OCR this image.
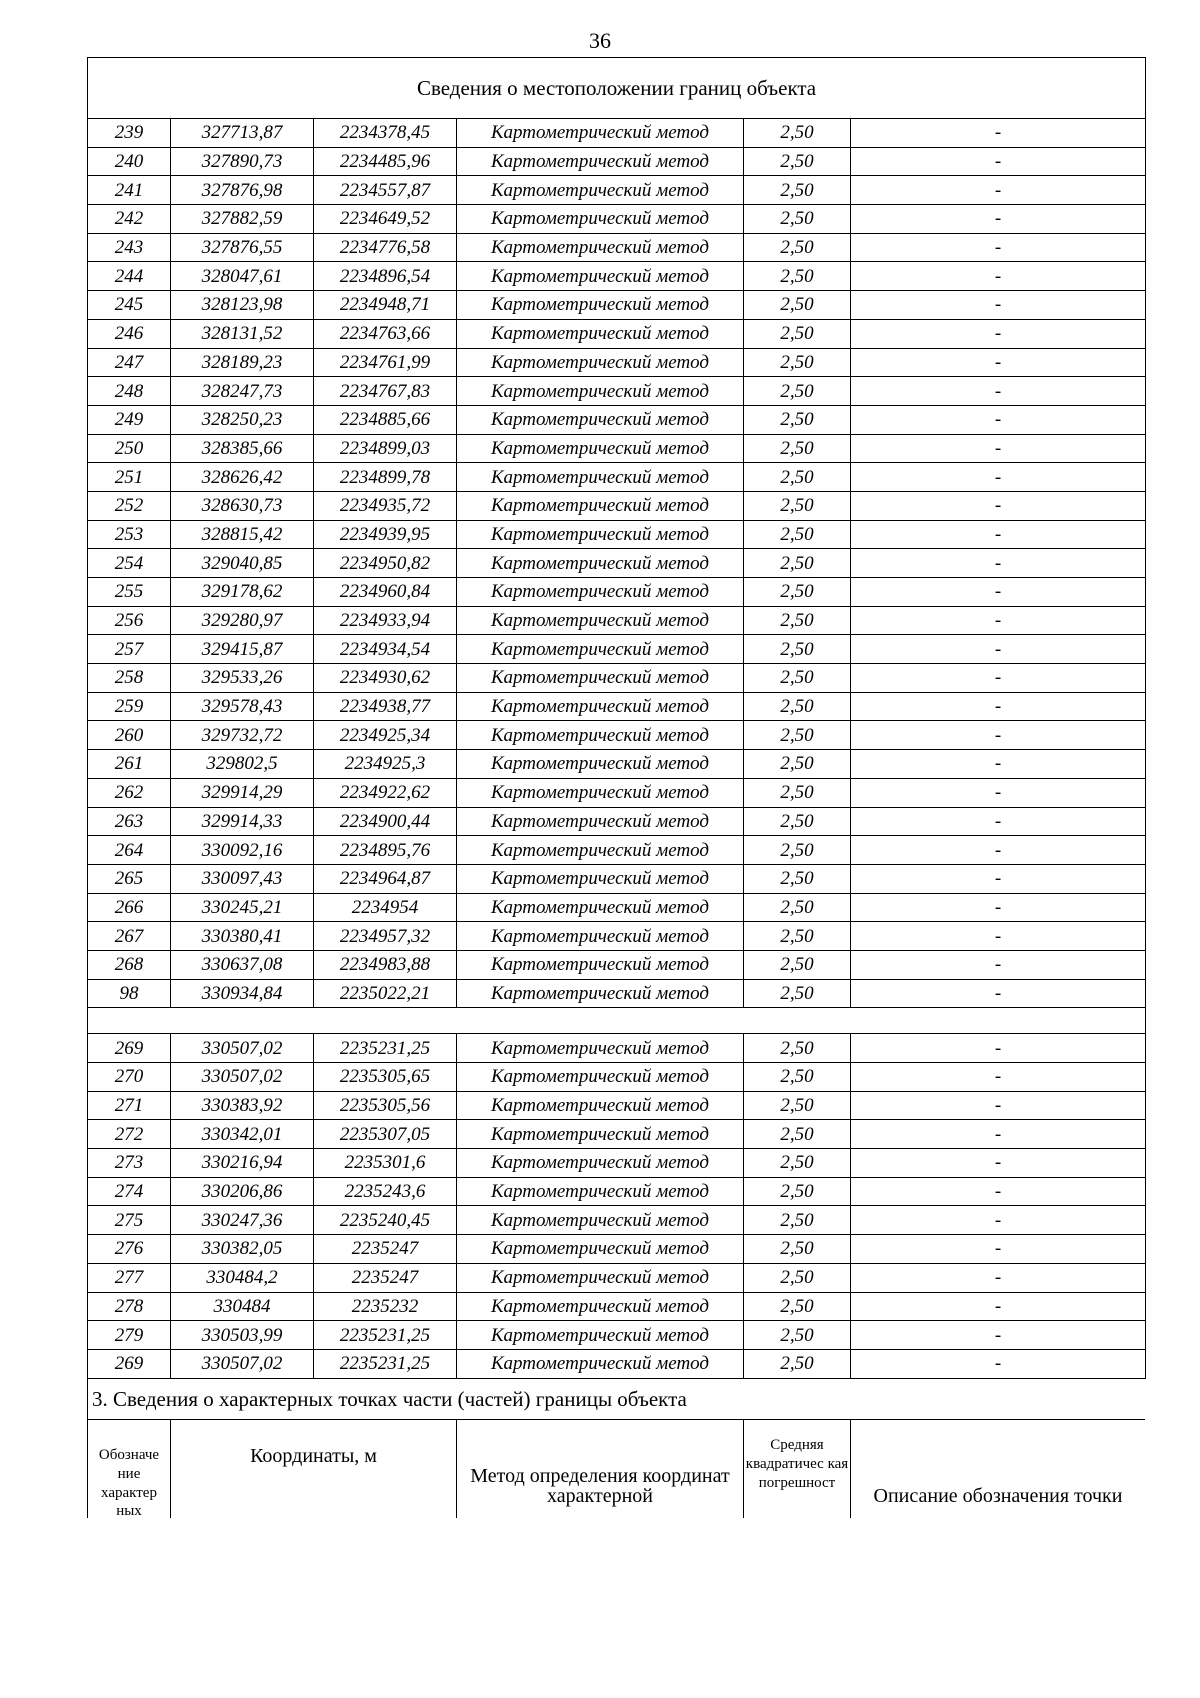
36
Сведения о местоположении границ объекта					
239	327713,87	2234378,45	Картометрический метод	2,50	-
240	327890,73	2234485,96	Картометрический метод	2,50	-
241	327876,98	2234557,87	Картометрический метод	2,50	-
242	327882,59	2234649,52	Картометрический метод	2,50	-
243	327876,55	2234776,58	Картометрический метод	2,50	-
244	328047,61	2234896,54	Картометрический метод	2,50	-
245	328123,98	2234948,71	Картометрический метод	2,50	-
246	328131,52	2234763,66	Картометрический метод	2,50	-
247	328189,23	2234761,99	Картометрический метод	2,50	-
248	328247,73	2234767,83	Картометрический метод	2,50	-
249	328250,23	2234885,66	Картометрический метод	2,50	-
250	328385,66	2234899,03	Картометрический метод	2,50	-
251	328626,42	2234899,78	Картометрический метод	2,50	-
252	328630,73	2234935,72	Картометрический метод	2,50	-
253	328815,42	2234939,95	Картометрический метод	2,50	-
254	329040,85	2234950,82	Картометрический метод	2,50	-
255	329178,62	2234960,84	Картометрический метод	2,50	-
256	329280,97	2234933,94	Картометрический метод	2,50	-
257	329415,87	2234934,54	Картометрический метод	2,50	-
258	329533,26	2234930,62	Картометрический метод	2,50	-
259	329578,43	2234938,77	Картометрический метод	2,50	-
260	329732,72	2234925,34	Картометрический метод	2,50	-
261	329802,5	2234925,3	Картометрический метод	2,50	-
262	329914,29	2234922,62	Картометрический метод	2,50	-
263	329914,33	2234900,44	Картометрический метод	2,50	-
264	330092,16	2234895,76	Картометрический метод	2,50	-
265	330097,43	2234964,87	Картометрический метод	2,50	-
266	330245,21	2234954	Картометрический метод	2,50	-
267	330380,41	2234957,32	Картометрический метод	2,50	-
268	330637,08	2234983,88	Картометрический метод	2,50	-
98	330934,84	2235022,21	Картометрический метод	2,50	-

269	330507,02	2235231,25	Картометрический метод	2,50	-
270	330507,02	2235305,65	Картометрический метод	2,50	-
271	330383,92	2235305,56	Картометрический метод	2,50	-
272	330342,01	2235307,05	Картометрический метод	2,50	-
273	330216,94	2235301,6	Картометрический метод	2,50	-
274	330206,86	2235243,6	Картометрический метод	2,50	-
275	330247,36	2235240,45	Картометрический метод	2,50	-
276	330382,05	2235247	Картометрический метод	2,50	-
277	330484,2	2235247	Картометрический метод	2,50	-
278	330484	2235232	Картометрический метод	2,50	-
279	330503,99	2235231,25	Картометрический метод	2,50	-
269	330507,02	2235231,25	Картометрический метод	2,50	-
3. Сведения о характерных точках части (частей) границы объекта
Обозначе ние характер ных	Координаты, м	Метод определения координат характерной	Средняя квадратичес кая погрешност	Описание обозначения точки
